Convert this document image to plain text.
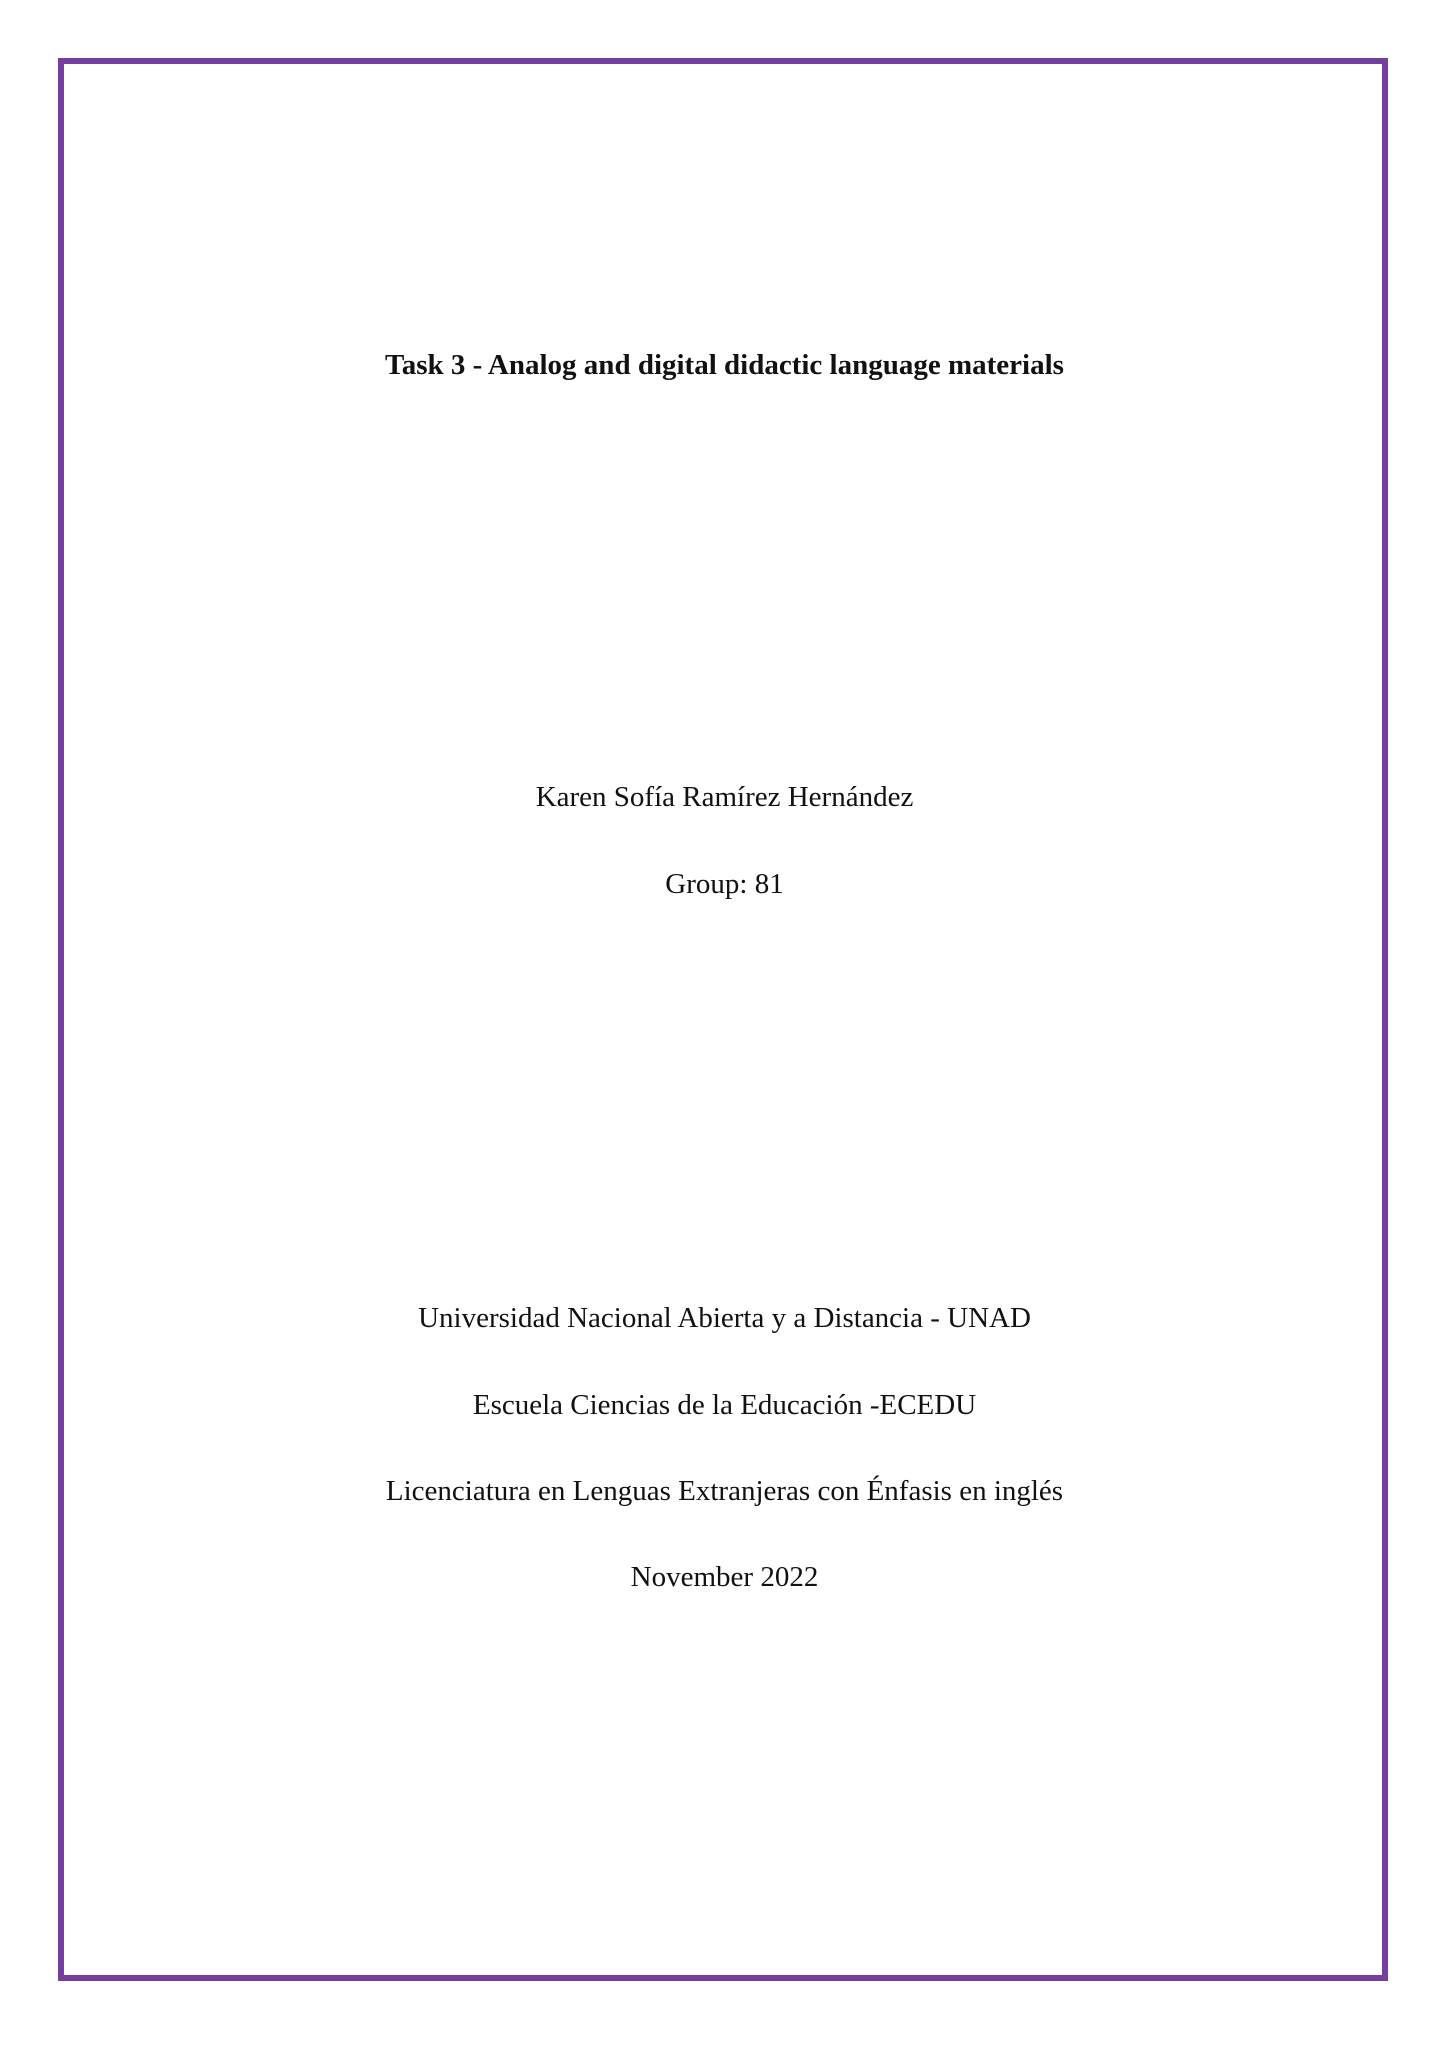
Task 3 - Analog and digital didactic language materials
Karen Sofía Ramírez Hernández
Group: 81
Universidad Nacional Abierta y a Distancia - UNAD
Escuela Ciencias de la Educación -ECEDU
Licenciatura en Lenguas Extranjeras con Énfasis en inglés
November 2022
